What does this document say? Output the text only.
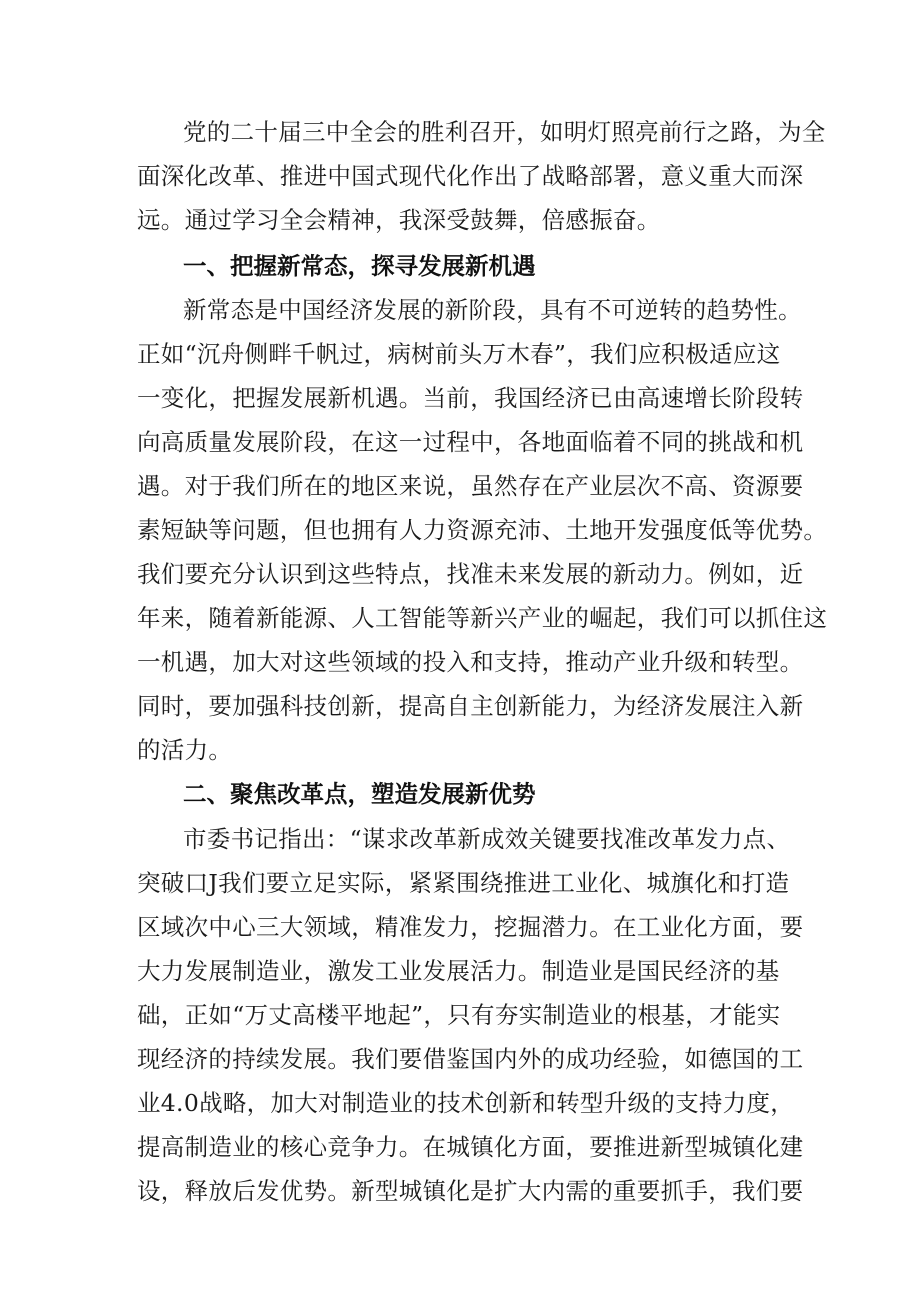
党的二十届三中全会的胜利召开，如明灯照亮前行之路，为全
面深化改革、推进中国式现代化作出了战略部署，意义重大而深
远。通过学习全会精神，我深受鼓舞，倍感振奋。
一、把握新常态，探寻发展新机遇
新常态是中国经济发展的新阶段，具有不可逆转的趋势性。
正如“沉舟侧畔千帆过，病树前头万木春”，我们应积极适应这
一变化，把握发展新机遇。当前，我国经济已由高速增长阶段转
向高质量发展阶段，在这一过程中，各地面临着不同的挑战和机
遇。对于我们所在的地区来说，虽然存在产业层次不高、资源要
素短缺等问题，但也拥有人力资源充沛、土地开发强度低等优势。
我们要充分认识到这些特点，找准未来发展的新动力。例如，近
年来，随着新能源、人工智能等新兴产业的崛起，我们可以抓住这
一机遇，加大对这些领域的投入和支持，推动产业升级和转型。
同时，要加强科技创新，提高自主创新能力，为经济发展注入新
的活力。
二、聚焦改革点，塑造发展新优势
市委书记指出：“谋求改革新成效关键要找准改革发力点、
突破口J我们要立足实际，紧紧围绕推进工业化、城旗化和打造
区域次中心三大领域，精准发力，挖掘潜力。在工业化方面，要
大力发展制造业，激发工业发展活力。制造业是国民经济的基
础，正如“万丈高楼平地起”，只有夯实制造业的根基，才能实
现经济的持续发展。我们要借鉴国内外的成功经验，如德国的工
业4.0战略，加大对制造业的技术创新和转型升级的支持力度，
提高制造业的核心竞争力。在城镇化方面，要推进新型城镇化建
设，释放后发优势。新型城镇化是扩大内需的重要抓手，我们要
